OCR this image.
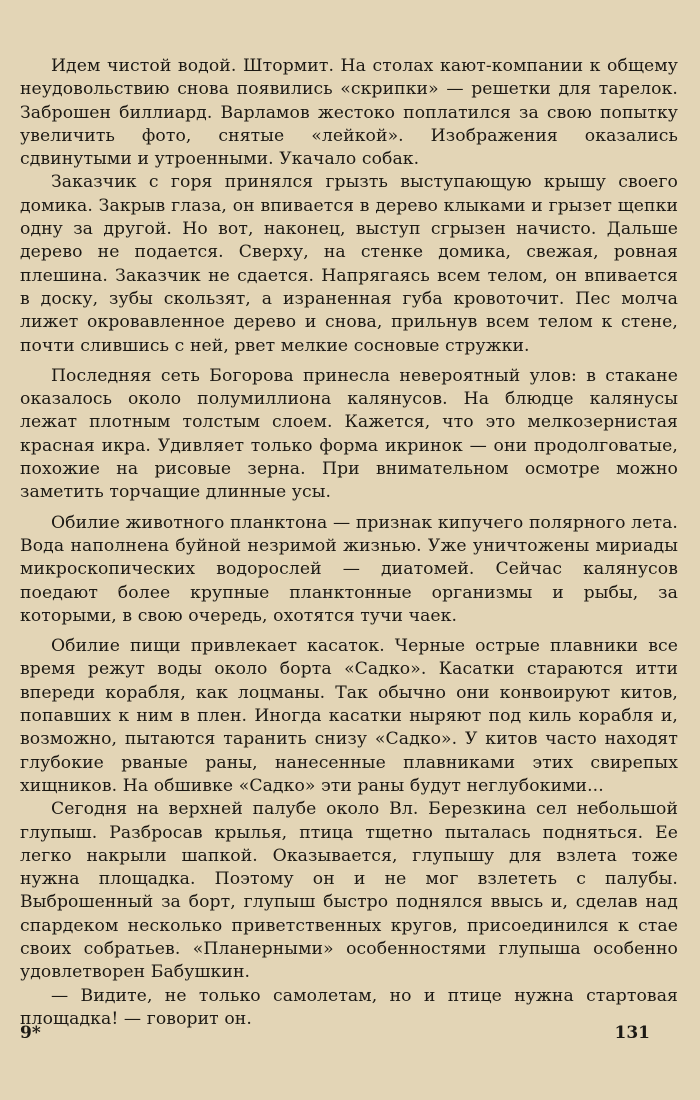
Идем чистой водой. Штормит. На столах кают-компании к общему неудовольствию снова появились «скрипки» — решетки для тарелок. Заброшен биллиард. Варламов жестоко поплатился за свою попытку увеличить фото, снятые «лейкой». Изображения оказались сдвинутыми и утроенными. Укачало собак.

Заказчик с горя принялся грызть выступающую крышу своего домика. Закрыв глаза, он впивается в дерево клыками и грызет щепки одну за другой. Но вот, наконец, выступ сгрызен начисто. Дальше дерево не подается. Сверху, на стенке домика, свежая, ровная плешина. Заказчик не сдается. Напрягаясь всем телом, он впивается в доску, зубы скользят, а израненная губа кровоточит. Пес молча лижет окровавленное дерево и снова, прильнув всем телом к стене, почти слившись с ней, рвет мелкие сосновые стружки.

Последняя сеть Богорова принесла невероятный улов: в стакане оказалось около полумиллиона калянусов. На блюдце калянусы лежат плотным толстым слоем. Кажется, что это мелкозернистая красная икра. Удивляет только форма икринок — они продолговатые, похожие на рисовые зерна. При внимательном осмотре можно заметить торчащие длинные усы.

Обилие животного планктона — признак кипучего полярного лета. Вода наполнена буйной незримой жизнью. Уже уничтожены мириады микроскопических водорослей — диатомей. Сейчас калянусов поедают более крупные планктонные организмы и рыбы, за которыми, в свою очередь, охотятся тучи чаек.

Обилие пищи привлекает касаток. Черные острые плавники все время режут воды около борта «Садко». Касатки стараются итти впереди корабля, как лоцманы. Так обычно они конвоируют китов, попавших к ним в плен. Иногда касатки ныряют под киль корабля и, возможно, пытаются таранить снизу «Садко». У китов часто находят глубокие рваные раны, нанесенные плавниками этих свирепых хищников. На обшивке «Садко» эти раны будут неглубокими...

Сегодня на верхней палубе около Вл. Березкина сел небольшой глупыш. Разбросав крылья, птица тщетно пыталась подняться. Ее легко накрыли шапкой. Оказывается, глупышу для взлета тоже нужна площадка. Поэтому он и не мог взлететь с палубы. Выброшенный за борт, глупыш быстро поднялся ввысь и, сделав над спардеком несколько приветственных кругов, присоединился к стае своих собратьев. «Планерными» особенностями глупыша особенно удовлетворен Бабушкин.

— Видите, не только самолетам, но и птице нужна стартовая площадка! — говорит он.

9*	131
